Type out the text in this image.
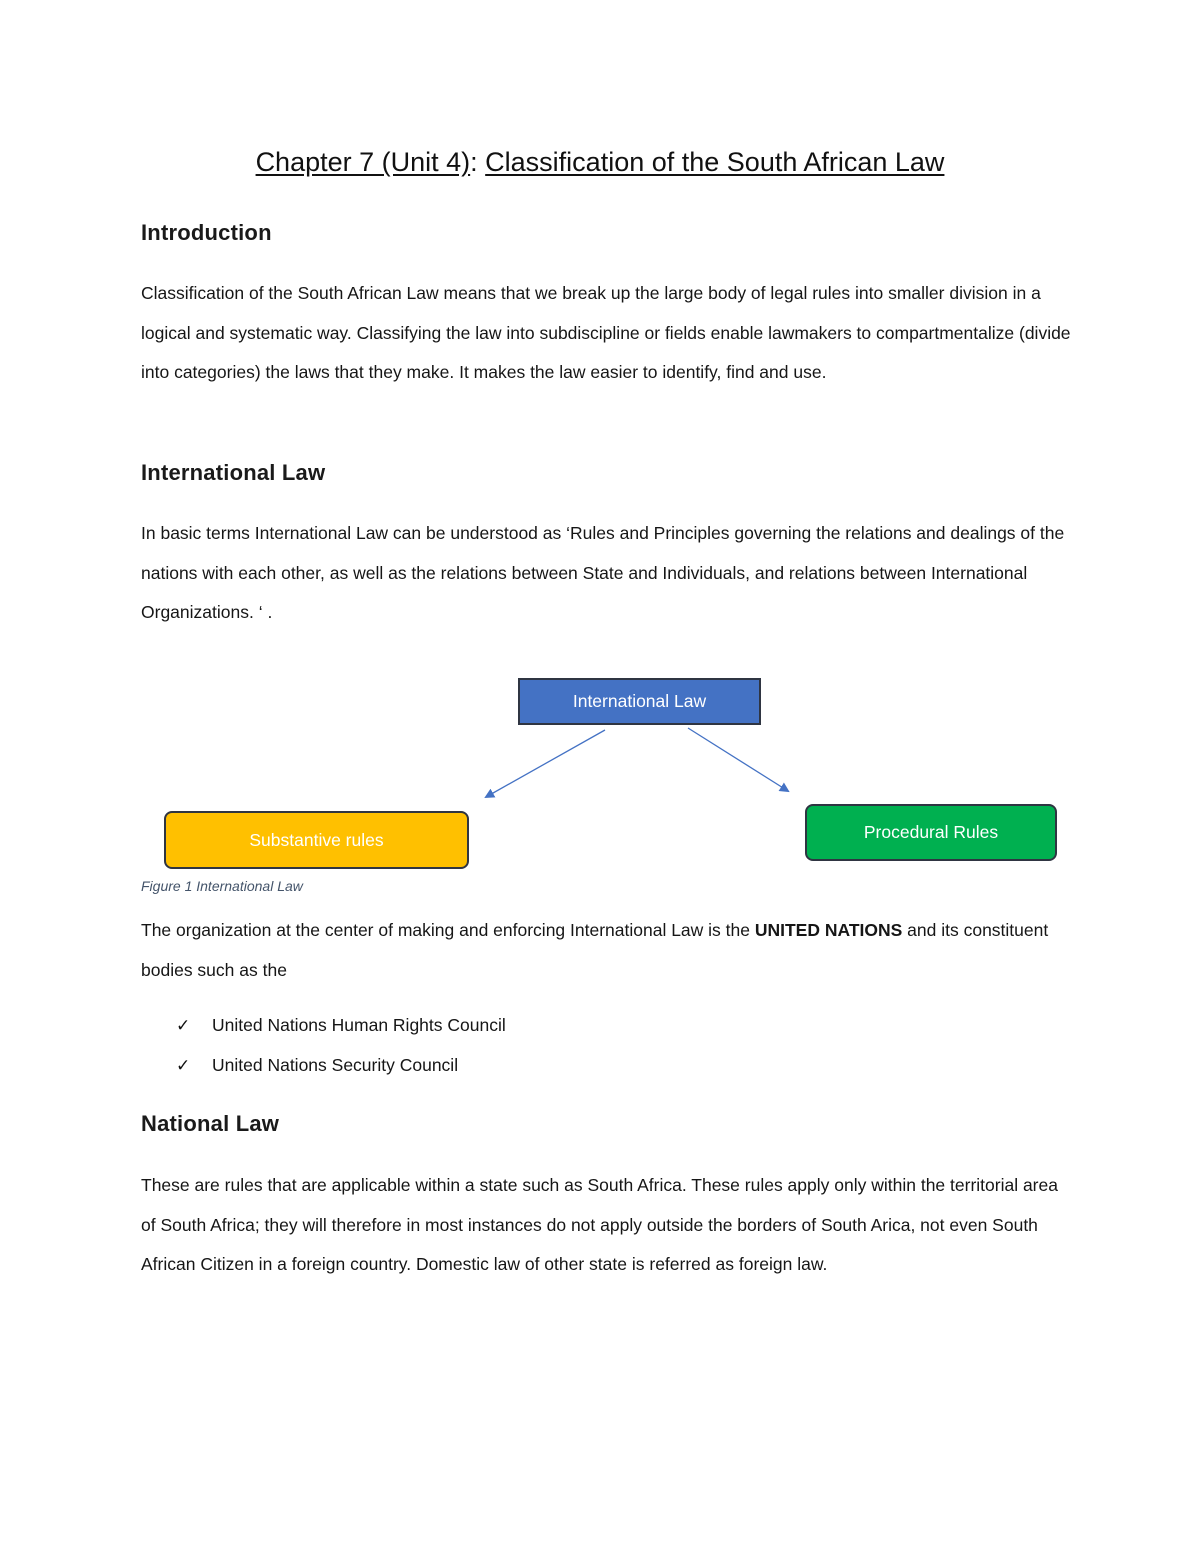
Chapter 7 (Unit 4): Classification of the South African Law
Introduction
Classification of the South African Law means that we break up the large body of legal rules into smaller division in a logical and systematic way. Classifying the law into subdiscipline or fields enable lawmakers to compartmentalize (divide into categories) the laws that they make. It makes the law easier to identify, find and use.
International Law
In basic terms International Law can be understood as ‘Rules and Principles governing the relations and dealings of the nations with each other, as well as the relations between State and Individuals, and relations between International Organizations. ‘ .
International Law
Substantive rules	Procedural Rules
Figure 1 International Law
The organization at the center of making and enforcing International Law is the UNITED NATIONS and its constituent bodies such as the
✓	United Nations Human Rights Council
✓	United Nations Security Council
National Law
These are rules that are applicable within a state such as South Africa. These rules apply only within the territorial area of South Africa; they will therefore in most instances do not apply outside the borders of South Arica, not even South African Citizen in a foreign country. Domestic law of other state is referred as foreign law.
